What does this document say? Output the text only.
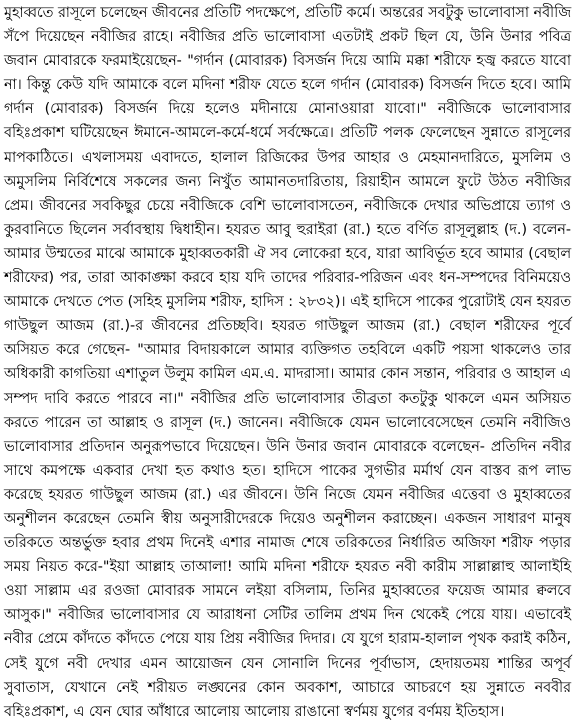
মুহাব্বতে রাসূলে চলেছেন জীবনের প্রতিটি পদক্ষেপে, প্রতিটি কর্মে। অন্তরের সবটুকু ভালোবাসা নবীজি সঁপে দিয়েছেন নবীজির রাহে। নবীজির প্রতি ভালোবাসা এতটাই প্রকট ছিল যে, উনি উনার পবিত্র জবান মোবারকে ফরমাইয়েছেন- "গর্দান (মোবারক) বিসর্জন দিয়ে আমি মক্কা শরীফে হজ্ব করতে যাবো না। কিন্তু কেউ যদি আমাকে বলে মদিনা শরীফ যেতে হলে গর্দান (মোবারক) বিসর্জন দিতে হবে। আমি গর্দান (মোবারক) বিসর্জন দিয়ে হলেও মদীনায়ে মোনাওয়ারা যাবো।" নবীজিকে ভালোবাসার বহিঃপ্রকাশ ঘটিয়েছেন ঈমানে-আমলে-কর্মে-ধর্মে সর্বক্ষেত্রে। প্রতিটি পলক ফেলেছেন সুন্নাতে রাসূলের মাপকাঠিতে। এখলাসময় এবাদতে, হালাল রিজিকের উপর আহার ও মেহমানদারিতে, মুসলিম ও অমুসলিম নির্বিশেষে সকলের জন্য নিখুঁত আমানতদারিতায়, রিয়াহীন আমলে ফুটে উঠত নবীজির প্রেম। জীবনের সবকিছুর চেয়ে নবীজিকে বেশি ভালোবাসতেন, নবীজিকে দেখার অভিপ্রায়ে ত্যাগ ও কুরবানিতে ছিলেন সর্বাবস্থায় দ্বিধাহীন। হযরত আবু হুরাইরা (রা.) হতে বর্ণিত রাসূলুল্লাহ (দ.) বলেন- আমার উম্মতের মাঝে আমাকে মুহাব্বতকারী ঐ সব লোকেরা হবে, যারা আবির্ভূত হবে আমার (বেছাল শরীফের) পর, তারা আকাঙ্ক্ষা করবে হায় যদি তাদের পরিবার-পরিজন এবং ধন-সম্পদের বিনিময়েও আমাকে দেখতে পেত (সহিহ মুসলিম শরীফ, হাদিস : ২৮৩২)। এই হাদিসে পাকের পুরোটাই যেন হযরত গাউছুল আজম (রা.)-র জীবনের প্রতিচ্ছবি। হযরত গাউছুল আজম (রা.) বেছাল শরীফের পূর্বে অসিয়ত করে গেছেন- "আমার বিদায়কালে আমার ব্যক্তিগত তহবিলে একটি পয়সা থাকলেও তার অধিকারী কাগতিয়া এশাতুল উলুম কামিল এম.এ. মাদরাসা। আমার কোন সন্তান, পরিবার ও আহাল এ সম্পদ দাবি করতে পারবে না।" নবীজির প্রতি ভালোবাসার তীব্রতা কতটুকু থাকলে এমন অসিয়ত করতে পারেন তা আল্লাহ ও রাসূল (দ.) জানেন। নবীজিকে যেমন ভালোবেসেছেন তেমনি নবীজিও ভালোবাসার প্রতিদান অনুরূপভাবে দিয়েছেন। উনি উনার জবান মোবারকে বলেছেন- প্রতিদিন নবীর সাথে কমপক্ষে একবার দেখা হত কথাও হত। হাদিসে পাকের সুগভীর মর্মার্থ যেন বাস্তব রূপ লাভ করেছে হযরত গাউছুল আজম (রা.) এর জীবনে। উনি নিজে যেমন নবীজির এত্তেবা ও মুহাব্বতের অনুশীলন করেছেন তেমনি স্বীয় অনুসারীদেরকে দিয়েও অনুশীলন করাচ্ছেন। একজন সাধারণ মানুষ তরিকতে অন্তর্ভুক্ত হবার প্রথম দিনেই এশার নামাজ শেষে তরিকতের নির্ধারিত অজিফা শরীফ পড়ার সময় নিয়ত করে-"ইয়া আল্লাহ তাআলা! আমি মদিনা শরীফে হযরত নবী কারীম সাল্লাল্লাহু আলাইহি ওয়া সাল্লাম এর রওজা মোবারক সামনে লইয়া বসিলাম, তিনির মুহাব্বতের ফয়েজ আমার ক্বলবে আসুক।" নবীজির ভালোবাসার যে আরাধনা সেটির তালিম প্রথম দিন থেকেই পেয়ে যায়। এভাবেই নবীর প্রেমে কাঁদতে কাঁদতে পেয়ে যায় প্রিয় নবীজির দিদার। যে যুগে হারাম-হালাল পৃথক করাই কঠিন, সেই যুগে নবী দেখার এমন আয়োজন যেন সোনালি দিনের পূর্বাভাস, হেদায়তময় শান্তির অপূর্ব সুবাতাস, যেখানে নেই শরীয়ত লঙ্ঘনের কোন অবকাশ, আচারে আচরণে হয় সুন্নাতে নববীর বহিঃপ্রকাশ, এ যেন ঘোর আঁধারে আলোয় আলোয় রাঙানো স্বর্ণময় যুগের বর্ণময় ইতিহাস।
